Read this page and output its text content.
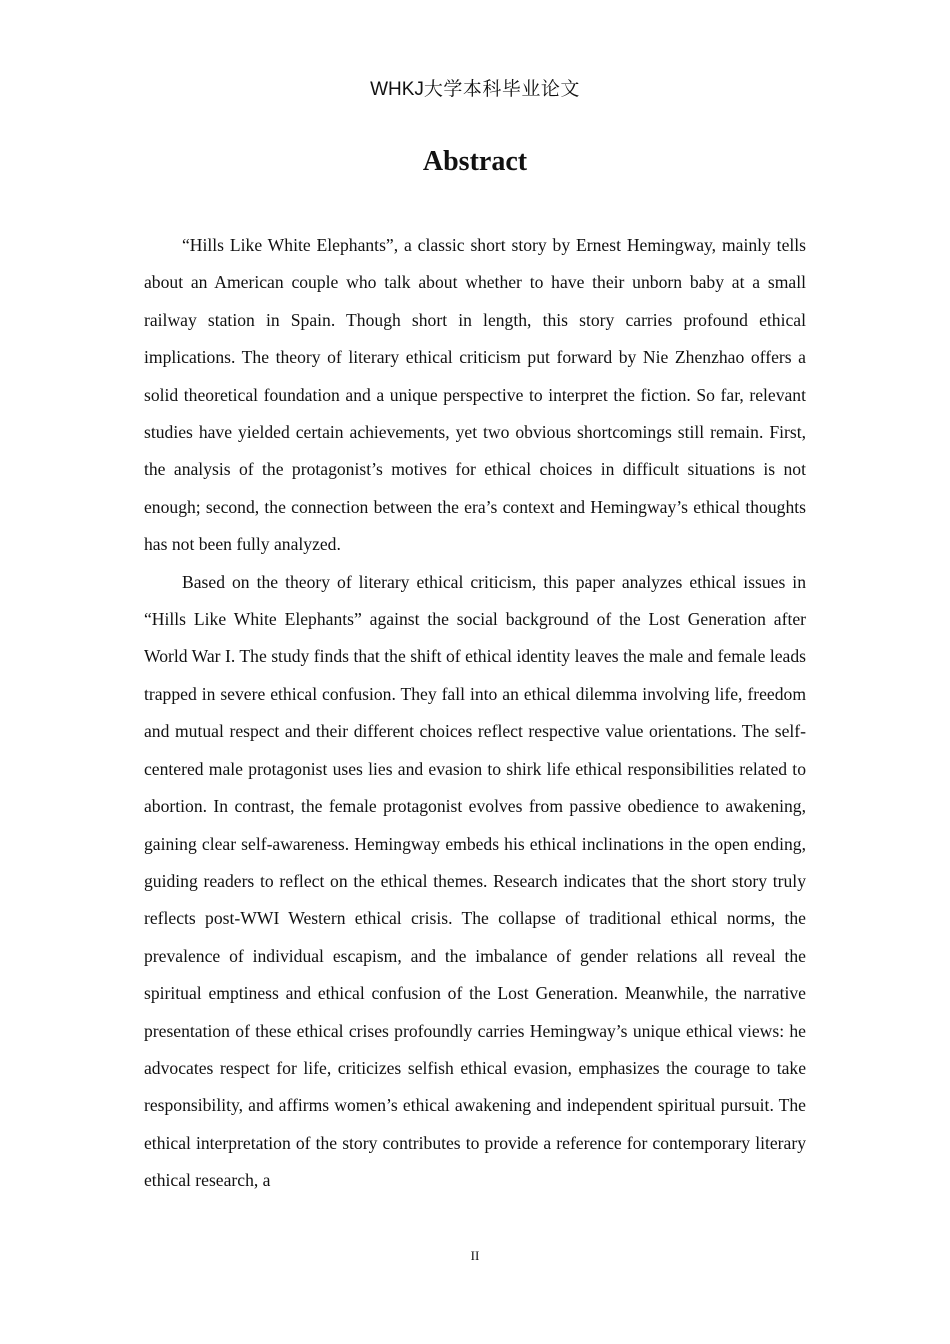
WHKJ大学本科毕业论文
Abstract

“Hills Like White Elephants”, a classic short story by Ernest Hemingway, mainly tells about an American couple who talk about whether to have their unborn baby at a small railway station in Spain. Though short in length, this story carries profound ethical implications. The theory of literary ethical criticism put forward by Nie Zhenzhao offers a solid theoretical foundation and a unique perspective to interpret the fiction. So far, relevant studies have yielded certain achievements, yet two obvious shortcomings still remain. First, the analysis of the protagonist’s motives for ethical choices in difficult situations is not enough; second, the connection between the era’s context and Hemingway’s ethical thoughts has not been fully analyzed.

Based on the theory of literary ethical criticism, this paper analyzes ethical issues in “Hills Like White Elephants” against the social background of the Lost Generation after World War I. The study finds that the shift of ethical identity leaves the male and female leads trapped in severe ethical confusion. They fall into an ethical dilemma involving life, freedom and mutual respect and their different choices reflect respective value orientations. The self-centered male protagonist uses lies and evasion to shirk life ethical responsibilities related to abortion. In contrast, the female protagonist evolves from passive obedience to awakening, gaining clear self-awareness. Hemingway embeds his ethical inclinations in the open ending, guiding readers to reflect on the ethical themes. Research indicates that the short story truly reflects post-WWI Western ethical crisis. The collapse of traditional ethical norms, the prevalence of individual escapism, and the imbalance of gender relations all reveal the spiritual emptiness and ethical confusion of the Lost Generation. Meanwhile, the narrative presentation of these ethical crises profoundly carries Hemingway’s unique ethical views: he advocates respect for life, criticizes selfish ethical evasion, emphasizes the courage to take responsibility, and affirms women’s ethical awakening and independent spiritual pursuit. The ethical interpretation of the story contributes to provide a reference for contemporary literary ethical research, a

II
